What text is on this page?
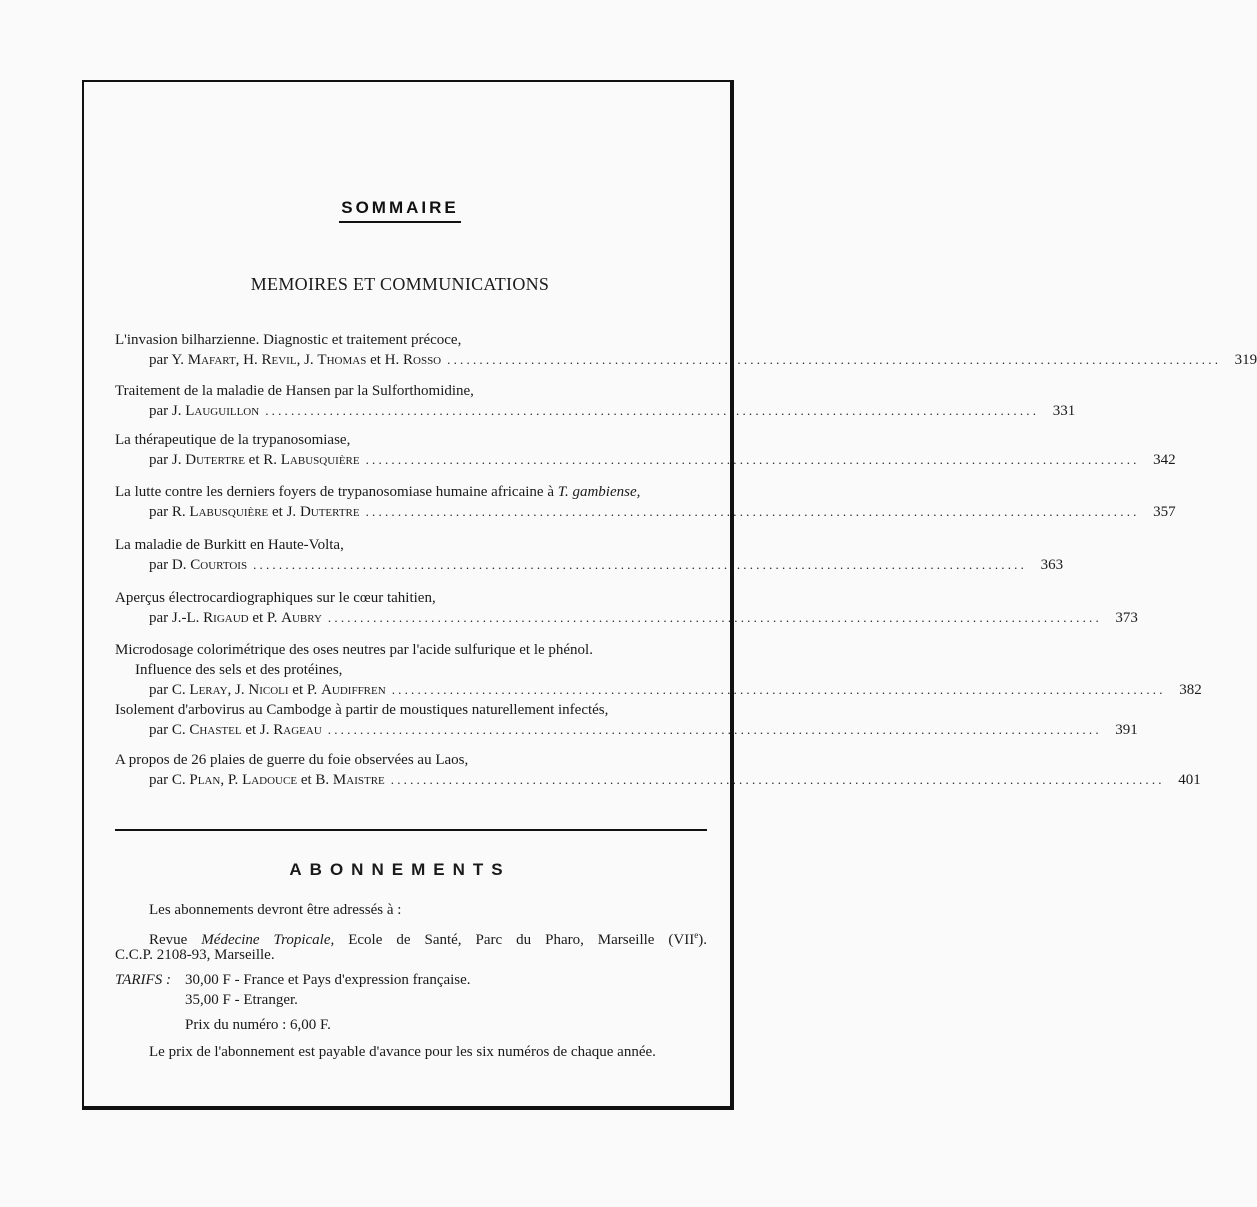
SOMMAIRE
MEMOIRES ET COMMUNICATIONS
L'invasion bilharzienne. Diagnostic et traitement précoce,
par Y. Mafart, H. Revil, J. Thomas et H. Rosso ........................................................................................................................ 319
Traitement de la maladie de Hansen par la Sulforthomidine,
par J. Lauguillon ........................................................................................................................ 331
La thérapeutique de la trypanosomiase,
par J. Dutertre et R. Labusquière ........................................................................................................................ 342
La lutte contre les derniers foyers de trypanosomiase humaine africaine à T. gambiense,
par R. Labusquière et J. Dutertre ........................................................................................................................ 357
La maladie de Burkitt en Haute-Volta,
par D. Courtois ........................................................................................................................ 363
Aperçus électrocardiographiques sur le cœur tahitien,
par J.-L. Rigaud et P. Aubry ........................................................................................................................ 373
Microdosage colorimétrique des oses neutres par l'acide sulfurique et le phénol.
Influence des sels et des protéines,
par C. Leray, J. Nicoli et P. Audiffren ........................................................................................................................ 382
Isolement d'arbovirus au Cambodge à partir de moustiques naturellement infectés,
par C. Chastel et J. Rageau ........................................................................................................................ 391
A propos de 26 plaies de guerre du foie observées au Laos,
par C. Plan, P. Ladouce et B. Maistre ........................................................................................................................ 401
ABONNEMENTS
Les abonnements devront être adressés à :
Revue Médecine Tropicale, Ecole de Santé, Parc du Pharo, Marseille (VIIe).
C.C.P. 2108-93, Marseille.
TARIFS : 30,00 F - France et Pays d'expression française.
35,00 F - Etranger.
Prix du numéro : 6,00 F.
Le prix de l'abonnement est payable d'avance pour les six numéros de chaque année.
